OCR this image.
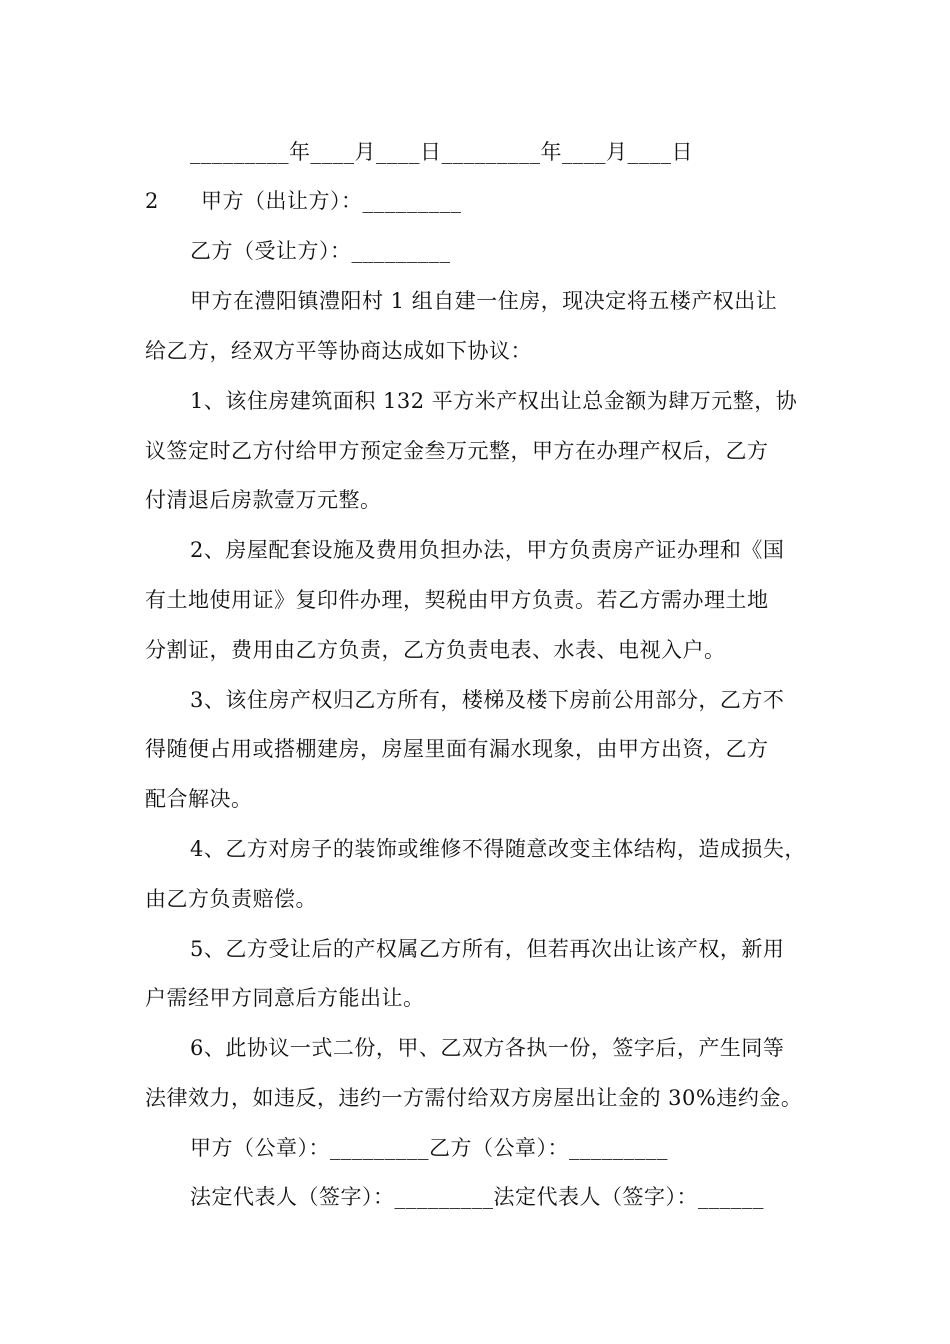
_________年____月____日_________年____月____日
2 甲方（出让方）：_________
乙方（受让方）：_________
甲方在澧阳镇澧阳村 1 组自建一住房，现决定将五楼产权出让
给乙方，经双方平等协商达成如下协议：
1、该住房建筑面积 132 平方米产权出让总金额为肆万元整，协
议签定时乙方付给甲方预定金叁万元整，甲方在办理产权后，乙方
付清退后房款壹万元整。
2、房屋配套设施及费用负担办法，甲方负责房产证办理和《国
有土地使用证》复印件办理，契税由甲方负责。若乙方需办理土地
分割证，费用由乙方负责，乙方负责电表、水表、电视入户。
3、该住房产权归乙方所有，楼梯及楼下房前公用部分，乙方不
得随便占用或搭棚建房，房屋里面有漏水现象，由甲方出资，乙方
配合解决。
4、乙方对房子的装饰或维修不得随意改变主体结构，造成损失，
由乙方负责赔偿。
5、乙方受让后的产权属乙方所有，但若再次出让该产权，新用
户需经甲方同意后方能出让。
6、此协议一式二份，甲、乙双方各执一份，签字后，产生同等
法律效力，如违反，违约一方需付给双方房屋出让金的 30%违约金。
甲方（公章）：_________乙方（公章）：_________
法定代表人（签字）：_________法定代表人（签字）：______
